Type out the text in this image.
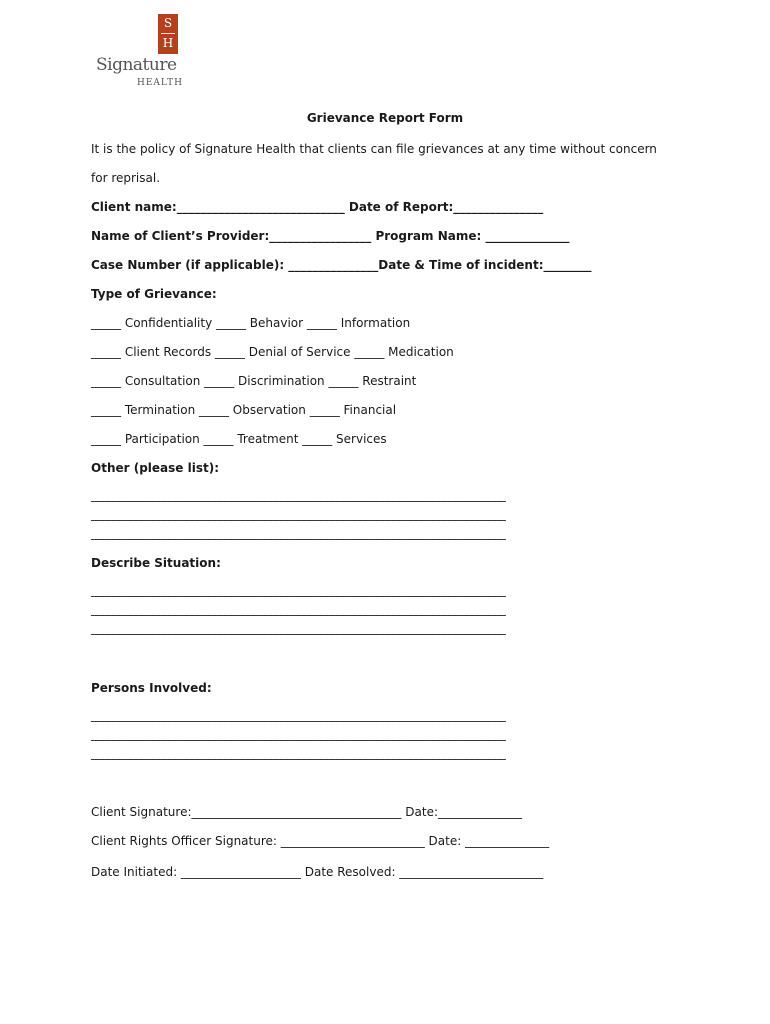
S
H
Signature
HEALTH
Grievance Report Form
It is the policy of Signature Health that clients can file grievances at any time without concern
for reprisal.
Client name:____________________________ Date of Report:_______________
Name of Client’s Provider:_________________ Program Name: ______________
Case Number (if applicable): _______________Date & Time of incident:________
Type of Grievance:
_____ Confidentiality _____ Behavior _____ Information
_____ Client Records _____ Denial of Service _____ Medication
_____ Consultation _____ Discrimination _____ Restraint
_____ Termination _____ Observation _____ Financial
_____ Participation _____ Treatment _____ Services
Other (please list):
__________________________________________________________________________
__________________________________________________________________________
__________________________________________________________________________
Describe Situation:
__________________________________________________________________________
__________________________________________________________________________
__________________________________________________________________________
Persons Involved:
__________________________________________________________________________
__________________________________________________________________________
__________________________________________________________________________
Client Signature:___________________________________ Date:______________
Client Rights Officer Signature: ________________________ Date: ______________
Date Initiated: ____________________ Date Resolved: ________________________
